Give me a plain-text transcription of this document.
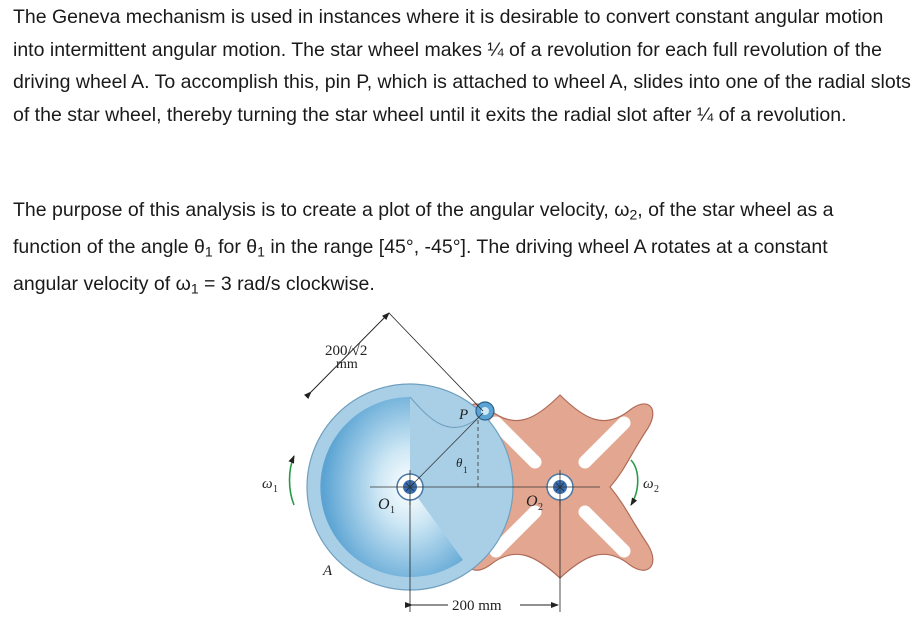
The Geneva mechanism is used in instances where it is desirable to convert constant angular motion into intermittent angular motion. The star wheel makes ¼ of a revolution for each full revolution of the driving wheel A. To accomplish this, pin P, which is attached to wheel A, slides into one of the radial slots of the star wheel, thereby turning the star wheel until it exits the radial slot after ¼ of a revolution.

The purpose of this analysis is to create a plot of the angular velocity, $\omega_2$, of the star wheel as a
function of the angle $\theta_1$ for $\theta_1$ in the range [45°, -45°]. The driving wheel A rotates at a constant
angular velocity of $\omega_1 = 3$ rad/s clockwise.

200/√2
mm
P
θ 1
O 1
O 2
A
ω 1	ω 2
200 mm
